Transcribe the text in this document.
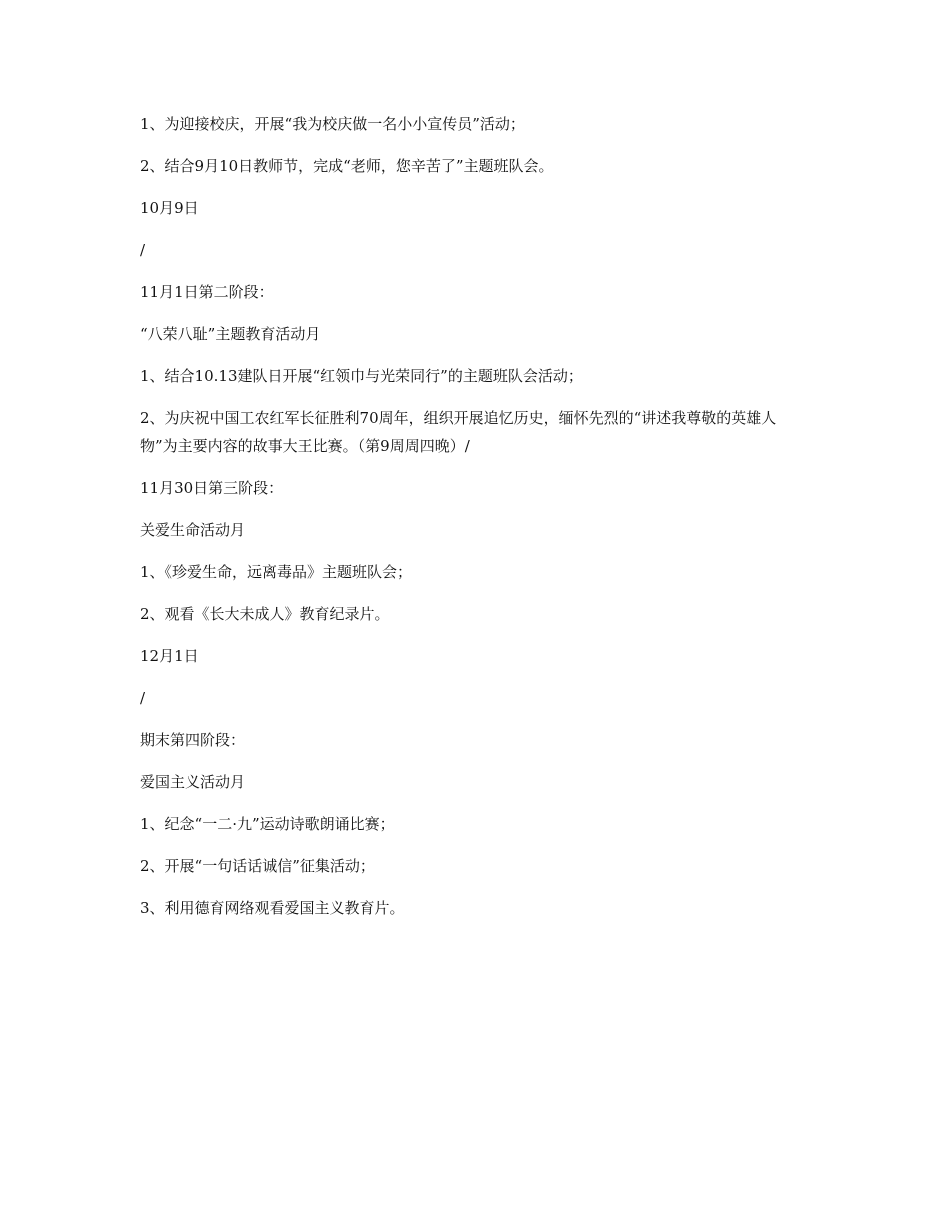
1、为迎接校庆，开展“我为校庆做一名小小宣传员”活动；

2、结合9月10日教师节，完成“老师，您辛苦了”主题班队会。

10月9日

/

11月1日第二阶段：

“八荣八耻”主题教育活动月

1、结合10.13建队日开展“红领巾与光荣同行”的主题班队会活动；

2、为庆祝中国工农红军长征胜利70周年，组织开展追忆历史，缅怀先烈的“讲述我尊敬的英雄人物”为主要内容的故事大王比赛。（第9周周四晚）/

11月30日第三阶段：

关爱生命活动月

1、《珍爱生命，远离毒品》主题班队会；

2、观看《长大未成人》教育纪录片。

12月1日

/

期末第四阶段：

爱国主义活动月

1、纪念“一二·九”运动诗歌朗诵比赛；

2、开展“一句话话诚信”征集活动；

3、利用德育网络观看爱国主义教育片。
